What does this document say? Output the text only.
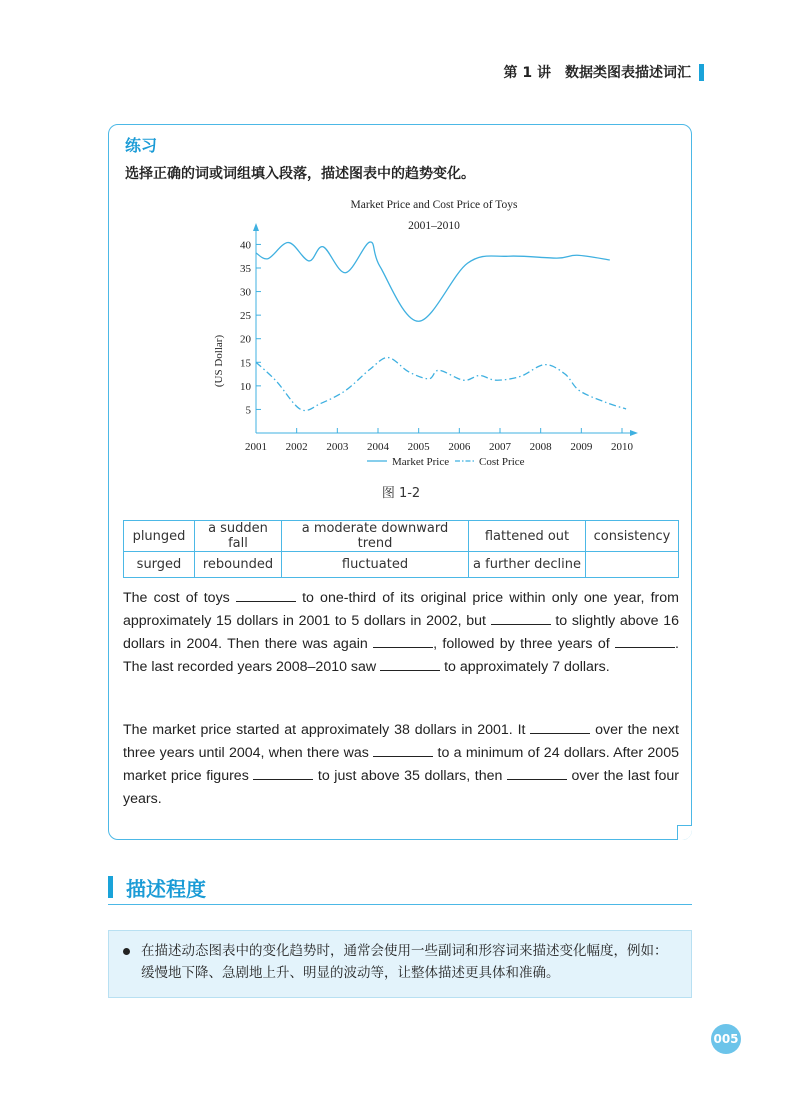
第 1 讲 数据类图表描述词汇
练习
选择正确的词或词组填入段落，描述图表中的趋势变化。
Market Price and Cost Price of Toys
2001–2010
(US Dollar)
5
10
15
20
25
30
35
40
2001 2002 2003 2004 2005 2006 2007 2008 2009 2010
Market Price	Cost Price
图 1-2
plunged	a sudden fall	a moderate downward trend	flattened out	consistency
surged	rebounded	fluctuated	a further decline	
The cost of toys	to one-third of its original price within only one year, from approximately 15 dollars in 2001 to 5 dollars in 2002, but	to slightly above 16 dollars in 2004. Then there was again	, followed by three years of	. The last recorded years 2008–2010 saw	to approximately 7 dollars.
The market price started at approximately 38 dollars in 2001. It	over the next three years until 2004, when there was	to a minimum of 24 dollars. After 2005 market price figures	to just above 35 dollars, then	over the last four years.
描述程度
在描述动态图表中的变化趋势时，通常会使用一些副词和形容词来描述变化幅度，例如：缓慢地下降、急剧地上升、明显的波动等，让整体描述更具体和准确。
005
